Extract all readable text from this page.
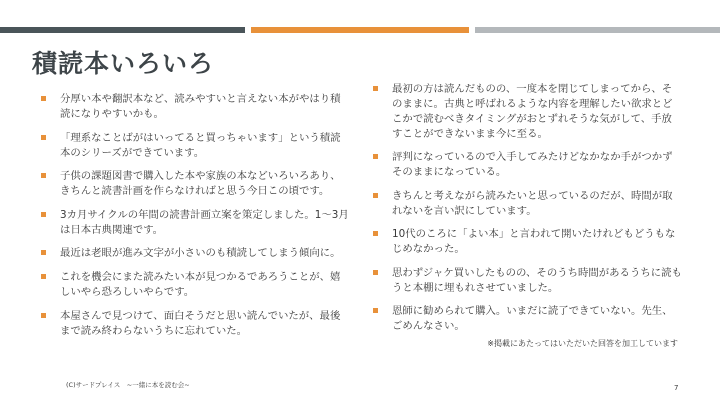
積読本いろいろ
分厚い本や翻訳本など、読みやすいと言えない本がやはり積読になりやすいかも。
「理系なことばがはいってると買っちゃいます」という積読本のシリーズができています。
子供の課題図書で購入した本や家族の本などいろいろあり、きちんと読書計画を作らなければと思う今日この頃です。
3カ月サイクルの年間の読書計画立案を策定しました。1〜3月は日本古典関連です。
最近は老眼が進み文字が小さいのも積読してしまう傾向に。
これを機会にまた読みたい本が見つかるであろうことが、嬉しいやら恐ろしいやらです。
本屋さんで見つけて、面白そうだと思い読んでいたが、最後まで読み終わらないうちに忘れていた。
最初の方は読んだものの、一度本を閉じてしまってから、そのままに。古典と呼ばれるような内容を理解したい欲求とどこかで読むべきタイミングがおとずれそうな気がして、手放すことができないまま今に至る。
評判になっているので入手してみたけどなかなか手がつかずそのままになっている。
きちんと考えながら読みたいと思っているのだが、時間が取れないを言い訳にしています。
10代のころに「よい本」と言われて開いたけれどもどうもなじめなかった。
思わずジャケ買いしたものの、そのうち時間があるうちに読もうと本棚に埋もれさせていました。
恩師に勧められて購入。いまだに読了できていない。先生、ごめんなさい。
※掲載にあたってはいただいた回答を加工しています
(C)サードプレイス　~一緒に本を読む会~	7
